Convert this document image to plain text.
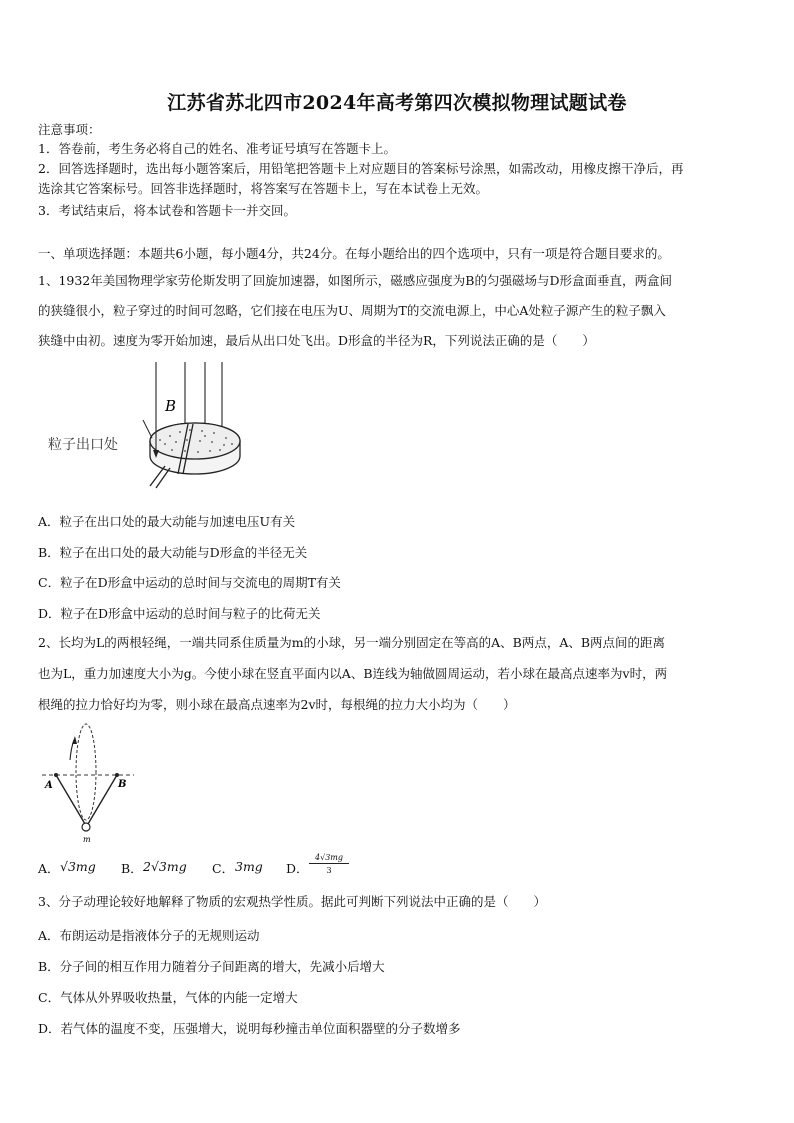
江苏省苏北四市2024年高考第四次模拟物理试题试卷
注意事项：
1．答卷前，考生务必将自己的姓名、准考证号填写在答题卡上。
2．回答选择题时，选出每小题答案后，用铅笔把答题卡上对应题目的答案标号涂黑，如需改动，用橡皮擦干净后，再
选涂其它答案标号。回答非选择题时，将答案写在答题卡上，写在本试卷上无效。
3．考试结束后，将本试卷和答题卡一并交回。
一、单项选择题：本题共6小题，每小题4分，共24分。在每小题给出的四个选项中，只有一项是符合题目要求的。
1、1932年美国物理学家劳伦斯发明了回旋加速器，如图所示，磁感应强度为B的匀强磁场与D形盒面垂直，两盒间
的狭缝很小，粒子穿过的时间可忽略，它们接在电压为U、周期为T的交流电源上，中心A处粒子源产生的粒子飘入
狭缝中由初。速度为零开始加速，最后从出口处飞出。D形盒的半径为R，下列说法正确的是（　　）
B
粒子出口处
A．粒子在出口处的最大动能与加速电压U有关
B．粒子在出口处的最大动能与D形盒的半径无关
C．粒子在D形盒中运动的总时间与交流电的周期T有关
D．粒子在D形盒中运动的总时间与粒子的比荷无关
2、长均为L的两根轻绳，一端共同系住质量为m的小球，另一端分别固定在等高的A、B两点，A、B两点间的距离
也为L，重力加速度大小为g。今使小球在竖直平面内以A、B连线为轴做圆周运动，若小球在最高点速率为v时，两
根绳的拉力恰好均为零，则小球在最高点速率为2v时，每根绳的拉力大小均为（　　）
A	B
m
A． √3mg B． 2√3mg C． 3mg D．
4√3mg
3
3、分子动理论较好地解释了物质的宏观热学性质。据此可判断下列说法中正确的是（　　）
A．布朗运动是指液体分子的无规则运动
B．分子间的相互作用力随着分子间距离的增大，先减小后增大
C．气体从外界吸收热量，气体的内能一定增大
D．若气体的温度不变，压强增大，说明每秒撞击单位面积器壁的分子数增多
